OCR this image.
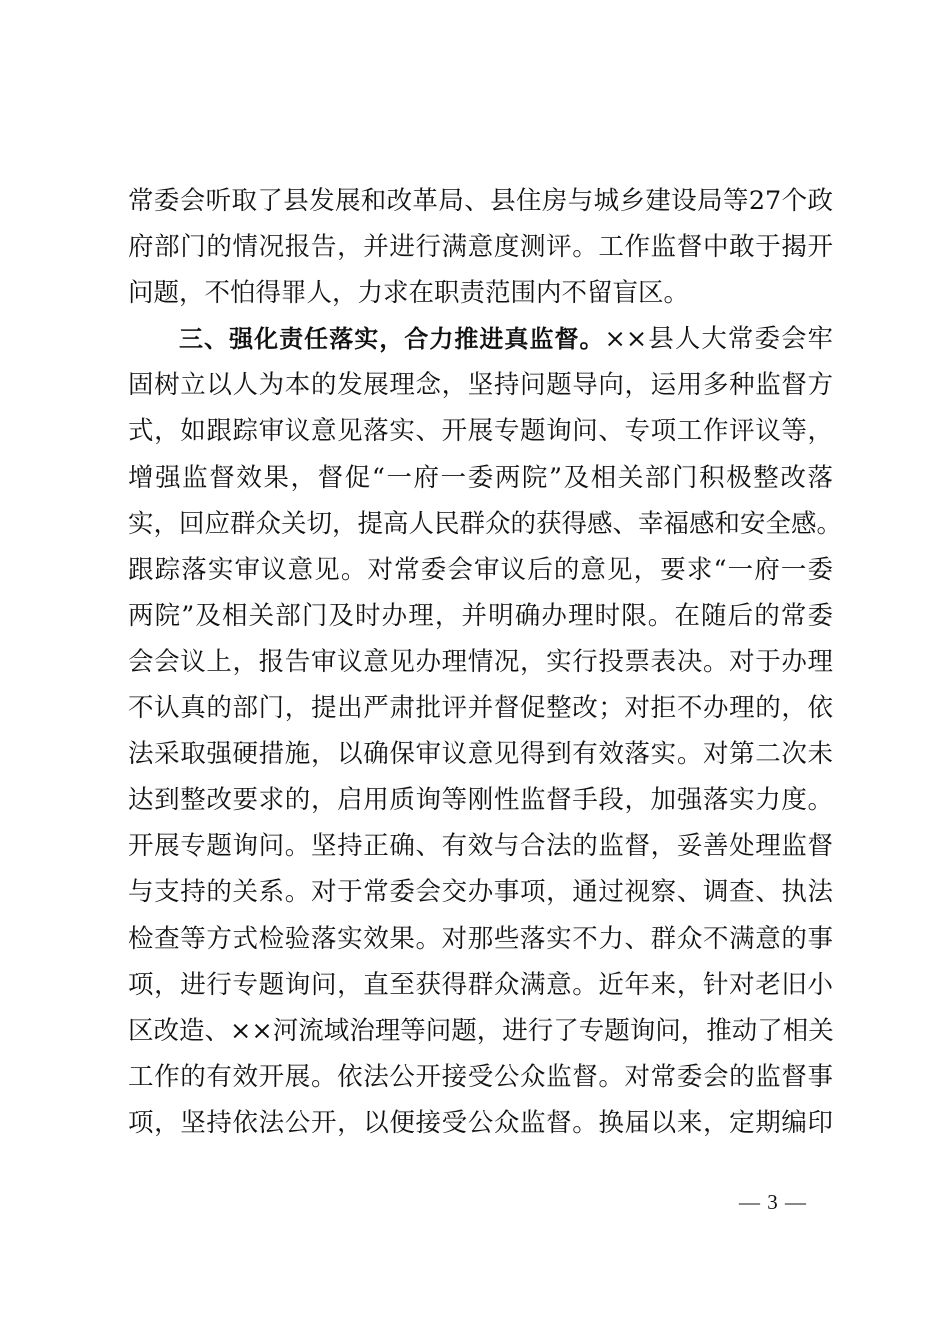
常委会听取了县发展和改革局、县住房与城乡建设局等27个政
府部门的情况报告，并进行满意度测评。工作监督中敢于揭开
问题，不怕得罪人，力求在职责范围内不留盲区。
三、强化责任落实，合力推进真监督。××县人大常委会牢
固树立以人为本的发展理念，坚持问题导向，运用多种监督方
式，如跟踪审议意见落实、开展专题询问、专项工作评议等，
增强监督效果，督促“一府一委两院”及相关部门积极整改落
实，回应群众关切，提高人民群众的获得感、幸福感和安全感。
跟踪落实审议意见。对常委会审议后的意见，要求“一府一委
两院”及相关部门及时办理，并明确办理时限。在随后的常委
会会议上，报告审议意见办理情况，实行投票表决。对于办理
不认真的部门，提出严肃批评并督促整改；对拒不办理的，依
法采取强硬措施，以确保审议意见得到有效落实。对第二次未
达到整改要求的，启用质询等刚性监督手段，加强落实力度。
开展专题询问。坚持正确、有效与合法的监督，妥善处理监督
与支持的关系。对于常委会交办事项，通过视察、调查、执法
检查等方式检验落实效果。对那些落实不力、群众不满意的事
项，进行专题询问，直至获得群众满意。近年来，针对老旧小
区改造、××河流域治理等问题，进行了专题询问，推动了相关
工作的有效开展。依法公开接受公众监督。对常委会的监督事
项，坚持依法公开，以便接受公众监督。换届以来，定期编印
— 3 —
